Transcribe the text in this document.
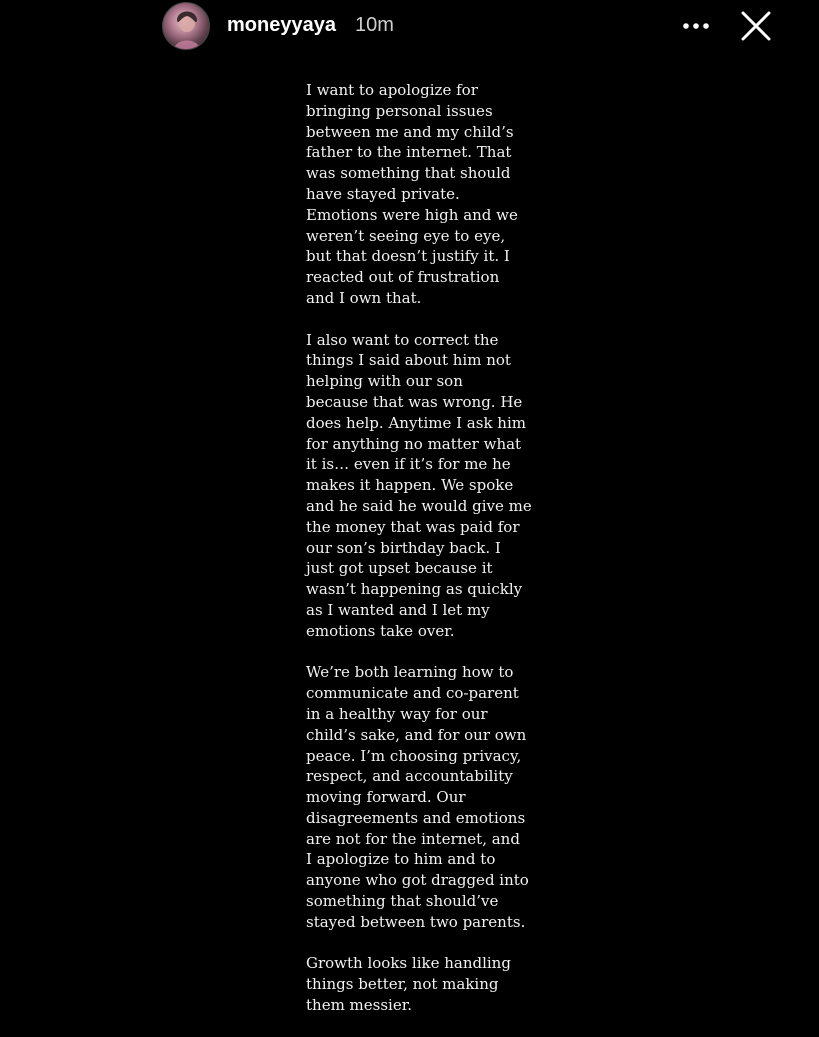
moneyyaya 10m

I want to apologize for
bringing personal issues
between me and my child’s
father to the internet. That
was something that should
have stayed private.
Emotions were high and we
weren’t seeing eye to eye,
but that doesn’t justify it. I
reacted out of frustration
and I own that.

I also want to correct the
things I said about him not
helping with our son
because that was wrong. He
does help. Anytime I ask him
for anything no matter what
it is… even if it’s for me he
makes it happen. We spoke
and he said he would give me
the money that was paid for
our son’s birthday back. I
just got upset because it
wasn’t happening as quickly
as I wanted and I let my
emotions take over.

We’re both learning how to
communicate and co-parent
in a healthy way for our
child’s sake, and for our own
peace. I’m choosing privacy,
respect, and accountability
moving forward. Our
disagreements and emotions
are not for the internet, and
I apologize to him and to
anyone who got dragged into
something that should’ve
stayed between two parents.

Growth looks like handling
things better, not making
them messier.
